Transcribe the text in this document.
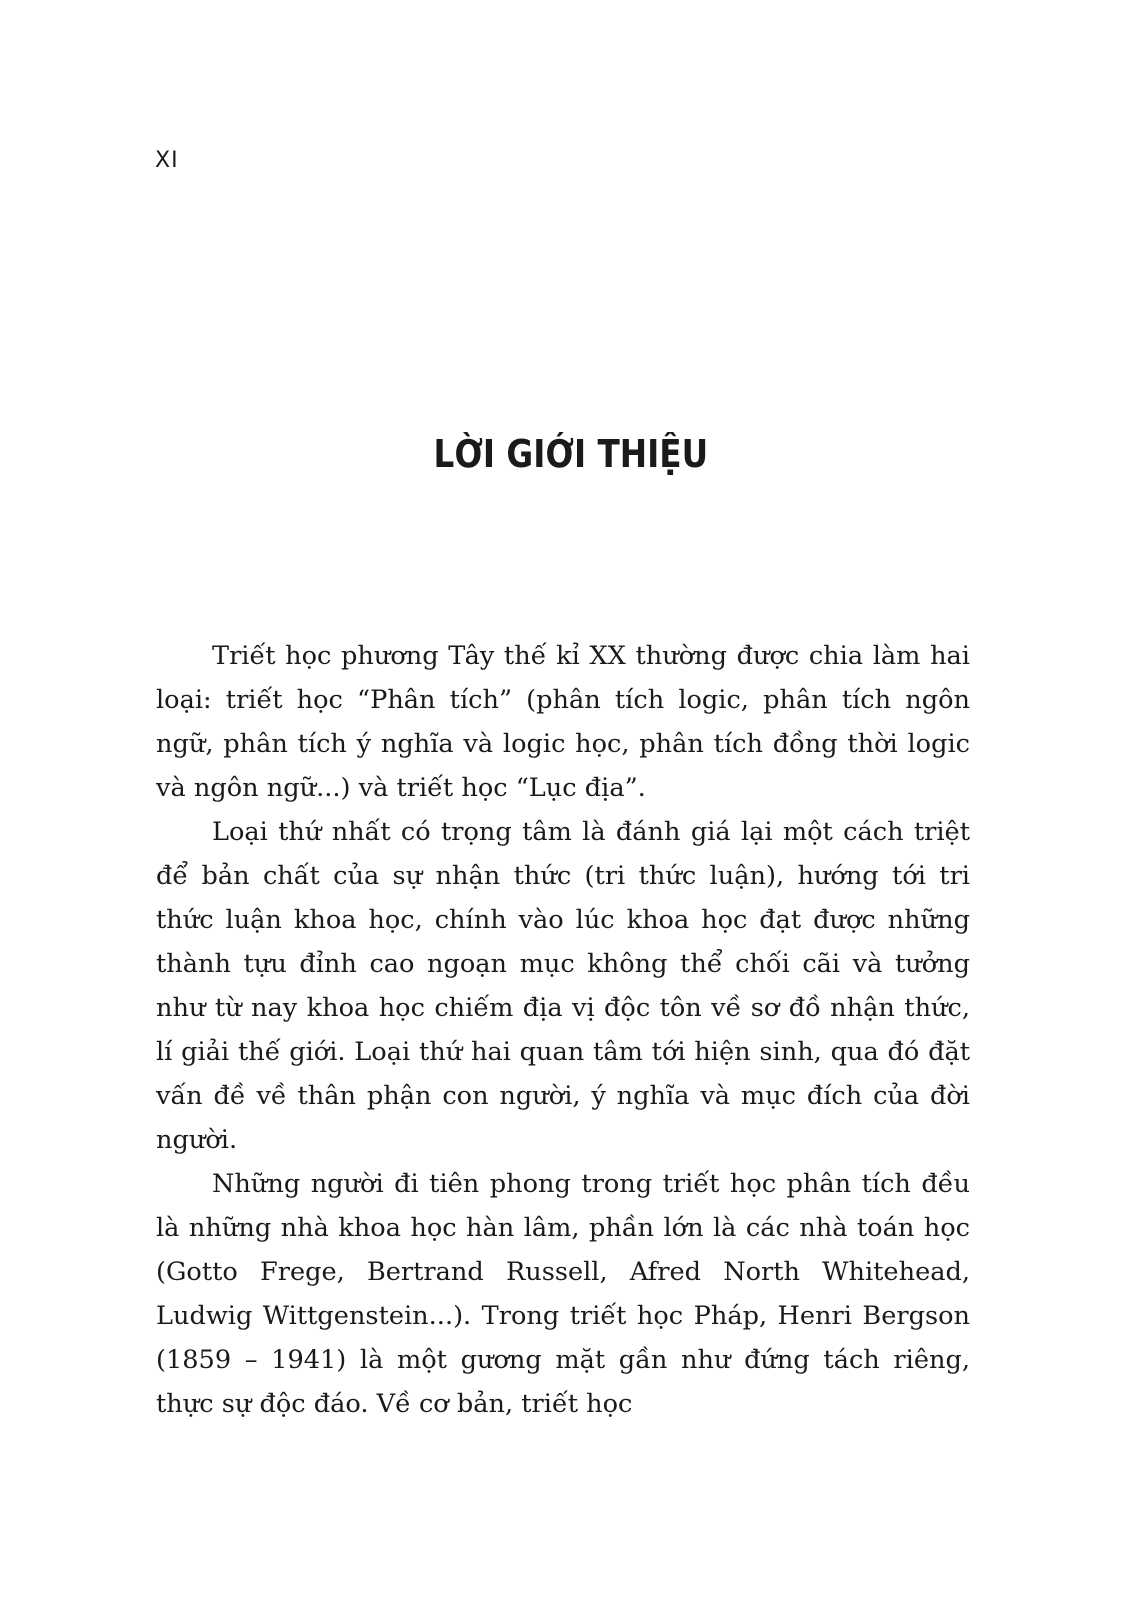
XI
LỜI GIỚI THIỆU

Triết học phương Tây thế kỉ XX thường được chia làm hai loại: triết học “Phân tích” (phân tích logic, phân tích ngôn ngữ, phân tích ý nghĩa và logic học, phân tích đồng thời logic và ngôn ngữ...) và triết học “Lục địa”.

Loại thứ nhất có trọng tâm là đánh giá lại một cách triệt để bản chất của sự nhận thức (tri thức luận), hướng tới tri thức luận khoa học, chính vào lúc khoa học đạt được những thành tựu đỉnh cao ngoạn mục không thể chối cãi và tưởng như từ nay khoa học chiếm địa vị độc tôn về sơ đồ nhận thức, lí giải thế giới. Loại thứ hai quan tâm tới hiện sinh, qua đó đặt vấn đề về thân phận con người, ý nghĩa và mục đích của đời người.

Những người đi tiên phong trong triết học phân tích đều là những nhà khoa học hàn lâm, phần lớn là các nhà toán học (Gotto Frege, Bertrand Russell, Afred North Whitehead, Ludwig Wittgenstein...). Trong triết học Pháp, Henri Bergson (1859 – 1941) là một gương mặt gần như đứng tách riêng, thực sự độc đáo. Về cơ bản, triết học
